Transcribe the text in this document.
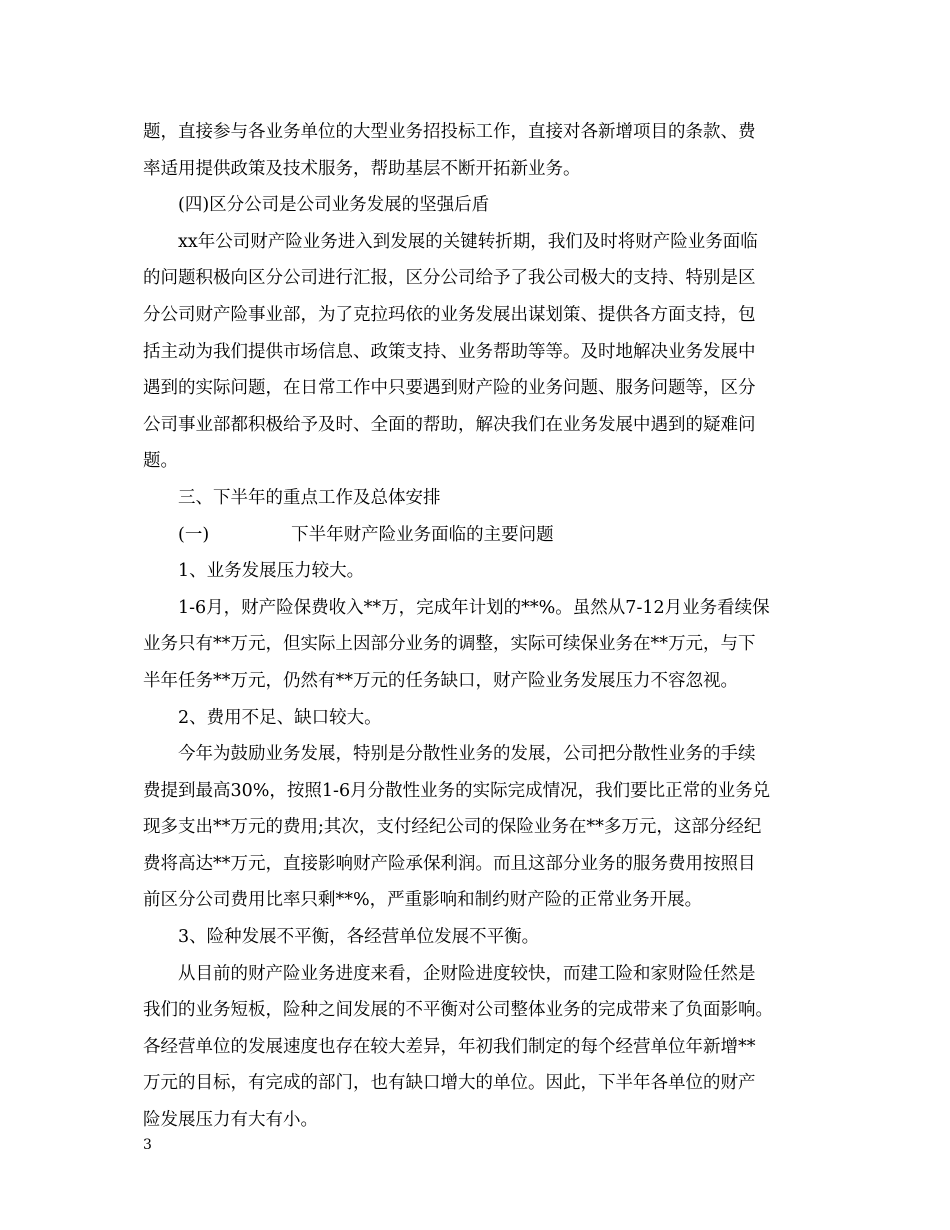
题，直接参与各业务单位的大型业务招投标工作，直接对各新增项目的条款、费
率适用提供政策及技术服务，帮助基层不断开拓新业务。
(四)区分公司是公司业务发展的坚强后盾
xx年公司财产险业务进入到发展的关键转折期，我们及时将财产险业务面临
的问题积极向区分公司进行汇报，区分公司给予了我公司极大的支持、特别是区
分公司财产险事业部，为了克拉玛依的业务发展出谋划策、提供各方面支持，包
括主动为我们提供市场信息、政策支持、业务帮助等等。及时地解决业务发展中
遇到的实际问题，在日常工作中只要遇到财产险的业务问题、服务问题等，区分
公司事业部都积极给予及时、全面的帮助，解决我们在业务发展中遇到的疑难问
题。
三、下半年的重点工作及总体安排
(一)	下半年财产险业务面临的主要问题
1、业务发展压力较大。
1-6月，财产险保费收入**万，完成年计划的**%。虽然从7-12月业务看续保
业务只有**万元，但实际上因部分业务的调整，实际可续保业务在**万元，与下
半年任务**万元，仍然有**万元的任务缺口，财产险业务发展压力不容忽视。
2、费用不足、缺口较大。
今年为鼓励业务发展，特别是分散性业务的发展，公司把分散性业务的手续
费提到最高30%，按照1-6月分散性业务的实际完成情况，我们要比正常的业务兑
现多支出**万元的费用;其次，支付经纪公司的保险业务在**多万元，这部分经纪
费将高达**万元，直接影响财产险承保利润。而且这部分业务的服务费用按照目
前区分公司费用比率只剩**%，严重影响和制约财产险的正常业务开展。
3、险种发展不平衡，各经营单位发展不平衡。
从目前的财产险业务进度来看，企财险进度较快，而建工险和家财险任然是
我们的业务短板，险种之间发展的不平衡对公司整体业务的完成带来了负面影响。
各经营单位的发展速度也存在较大差异，年初我们制定的每个经营单位年新增**
万元的目标，有完成的部门，也有缺口增大的单位。因此，下半年各单位的财产
险发展压力有大有小。
3
